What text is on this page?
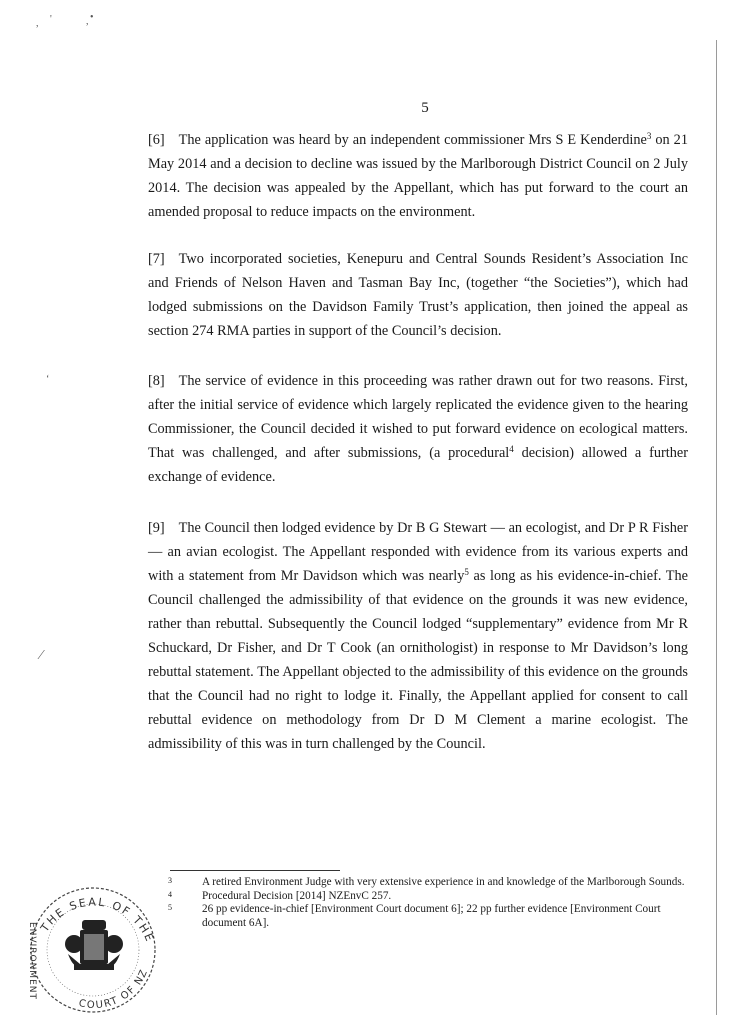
, '	, •
5

[6] The application was heard by an independent commissioner Mrs S E Kenderdine$^3$ on 21 May 2014 and a decision to decline was issued by the Marlborough District Council on 2 July 2014. The decision was appealed by the Appellant, which has put forward to the court an amended proposal to reduce impacts on the environment.

[7] Two incorporated societies, Kenepuru and Central Sounds Resident’s Association Inc and Friends of Nelson Haven and Tasman Bay Inc, (together “the Societies”), which had lodged submissions on the Davidson Family Trust’s application, then joined the appeal as section 274 RMA parties in support of the Council’s decision.

[8] The service of evidence in this proceeding was rather drawn out for two reasons. First, after the initial service of evidence which largely replicated the evidence given to the hearing Commissioner, the Council decided it wished to put forward evidence on ecological matters. That was challenged, and after submissions, (a procedural$^4$ decision) allowed a further exchange of evidence.

[9] The Council then lodged evidence by Dr B G Stewart — an ecologist, and Dr P R Fisher — an avian ecologist. The Appellant responded with evidence from its various experts and with a statement from Mr Davidson which was nearly$^5$ as long as his evidence-in-chief. The Council challenged the admissibility of that evidence on the grounds it was new evidence, rather than rebuttal. Subsequently the Council lodged “supplementary” evidence from Mr R Schuckard, Dr Fisher, and Dr T Cook (an ornithologist) in response to Mr Davidson’s long rebuttal statement. The Appellant objected to the admissibility of this evidence on the grounds that the Council had no right to lodge it. Finally, the Appellant applied for consent to call rebuttal evidence on methodology from Dr D M Clement a marine ecologist. The admissibility of this was in turn challenged by the Council.

3	A retired Environment Judge with very extensive experience in and knowledge of the Marlborough Sounds.

4	Procedural Decision [2014] NZEnvC 257.

5	26 pp evidence-in-chief [Environment Court document 6]; 22 pp further evidence [Environment Court document 6A].

‘
⁄
THE SEAL OF THE
ENVIRONMENT
COURT OF NZ
